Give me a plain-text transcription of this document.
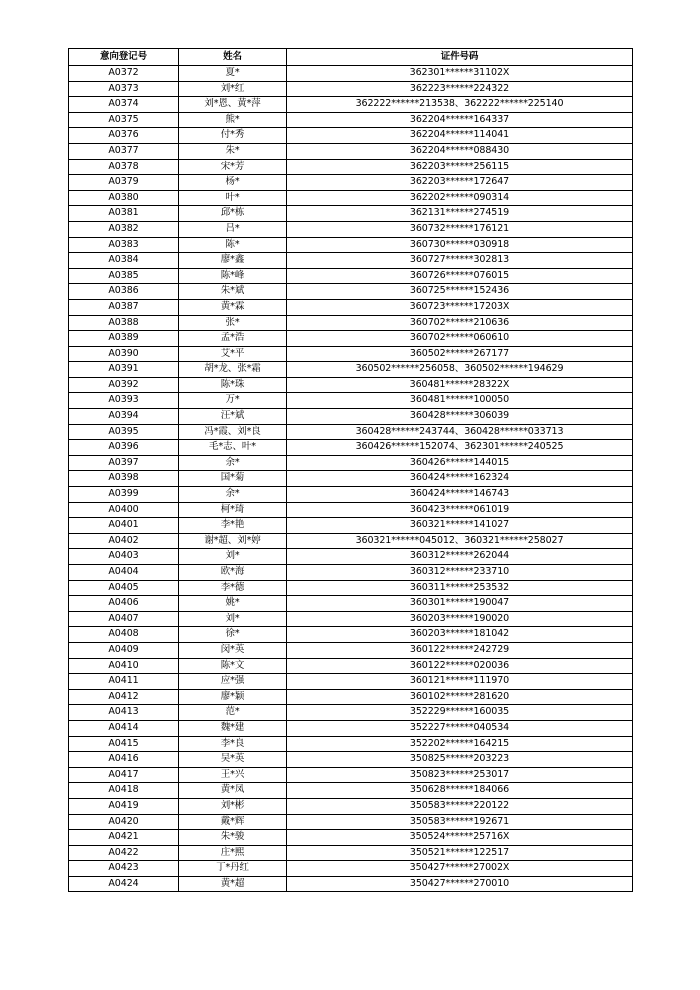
意向登记号	姓名	证件号码
A0372	夏*	362301******31102X
A0373	刘*红	362223******224322
A0374	刘*恩、黄*萍	362222******213538、362222******225140
A0375	熊*	362204******164337
A0376	付*秀	362204******114041
A0377	朱*	362204******088430
A0378	宋*芳	362203******256115
A0379	杨*	362203******172647
A0380	叶*	362202******090314
A0381	邱*栋	362131******274519
A0382	吕*	360732******176121
A0383	陈*	360730******030918
A0384	廖*鑫	360727******302813
A0385	陈*峰	360726******076015
A0386	朱*斌	360725******152436
A0387	黄*霖	360723******17203X
A0388	张*	360702******210636
A0389	孟*浩	360702******060610
A0390	艾*平	360502******267177
A0391	胡*龙、张*霜	360502******256058、360502******194629
A0392	陈*珠	360481******28322X
A0393	万*	360481******100050
A0394	汪*斌	360428******306039
A0395	冯*霞、刘*良	360428******243744、360428******033713
A0396	毛*志、叶*	360426******152074、362301******240525
A0397	余*	360426******144015
A0398	国*菊	360424******162324
A0399	余*	360424******146743
A0400	柯*琦	360423******061019
A0401	李*艳	360321******141027
A0402	谢*超、刘*婷	360321******045012、360321******258027
A0403	刘*	360312******262044
A0404	欧*海	360312******233710
A0405	李*德	360311******253532
A0406	姚*	360301******190047
A0407	刘*	360203******190020
A0408	徐*	360203******181042
A0409	闵*英	360122******242729
A0410	陈*文	360122******020036
A0411	应*强	360121******111970
A0412	廖*颖	360102******281620
A0413	范*	352229******160035
A0414	魏*建	352227******040534
A0415	李*良	352202******164215
A0416	吴*英	350825******203223
A0417	王*兴	350823******253017
A0418	黄*凤	350628******184066
A0419	刘*彬	350583******220122
A0420	戴*辉	350583******192671
A0421	朱*骏	350524******25716X
A0422	庄*熙	350521******122517
A0423	丁*丹红	350427******27002X
A0424	黄*超	350427******270010
